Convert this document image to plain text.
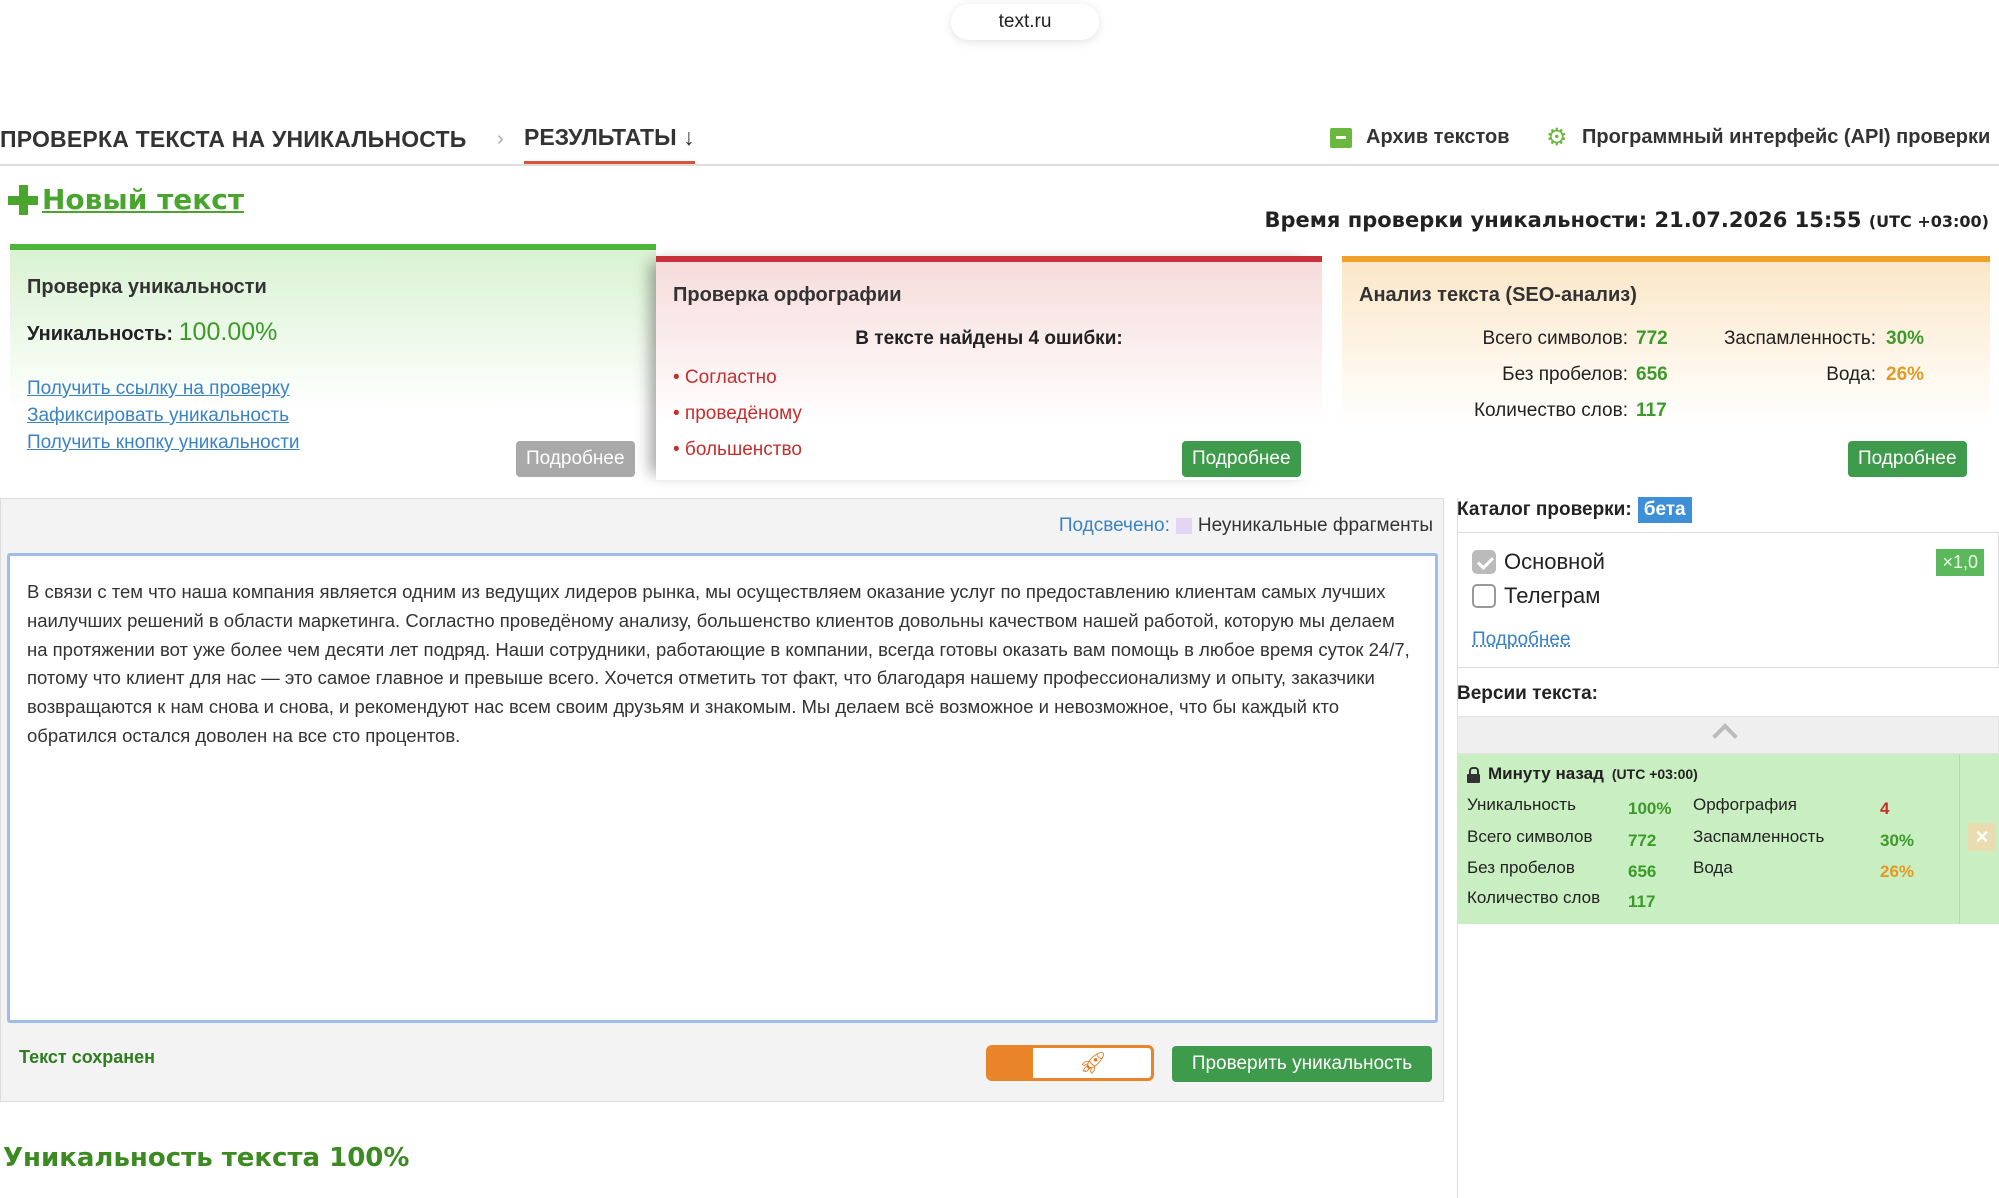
text.ru
ПРОВЕРКА ТЕКСТА НА УНИКАЛЬНОСТЬ › РЕЗУЛЬТАТЫ ↓	Архив текстов ⚙ Программный интерфейс (API) проверки
Новый текст
Время проверки уникальности: 21.07.2026 15:55 (UTC +03:00)
Проверка уникальности
Уникальность: 100.00%
Получить ссылку на проверку
Зафиксировать уникальность
Получить кнопку уникальности
Подробнее
Проверка орфографии
В тексте найдены 4 ошибки:
• Согластно
• проведёному
• большенство	Подробнее
Анализ текста (SEO-анализ)
Всего символов: 772	Заспамленность: 30%
Без пробелов: 656	Вода: 26%
Количество слов: 117
Подробнее
Подсвечено: Неуникальные фрагменты
В связи с тем что наша компания является одним из ведущих лидеров рынка, мы осуществляем оказание услуг по предоставлению клиентам самых лучших наилучших решений в области маркетинга. Согластно проведёному анализу, большенство клиентов довольны качеством нашей работой, которую мы делаем на протяжении вот уже более чем десяти лет подряд. Наши сотрудники, работающие в компании, всегда готовы оказать вам помощь в любое время суток 24/7, потому что клиент для нас — это самое главное и превыше всего. Хочется отметить тот факт, что благодаря нашему профессионализму и опыту, заказчики возвращаются к нам снова и снова, и рекомендуют нас всем своим друзьям и знакомым. Мы делаем всё возможное и невозможное, что бы каждый кто обратился остался доволен на все сто процентов.
Текст сохранен	🚀︎	Проверить уникальность
Уникальность текста 100%
Каталог проверки: бета
Основной
Телеграм
×1,0
Подробнее
Версии текста:
Минуту назад (UTC +03:00)
Уникальность	100% Орфография	4
Всего символов 772 Заспамленность	30%
Без пробелов	656 Вода	26%
Количество слов 117
×
